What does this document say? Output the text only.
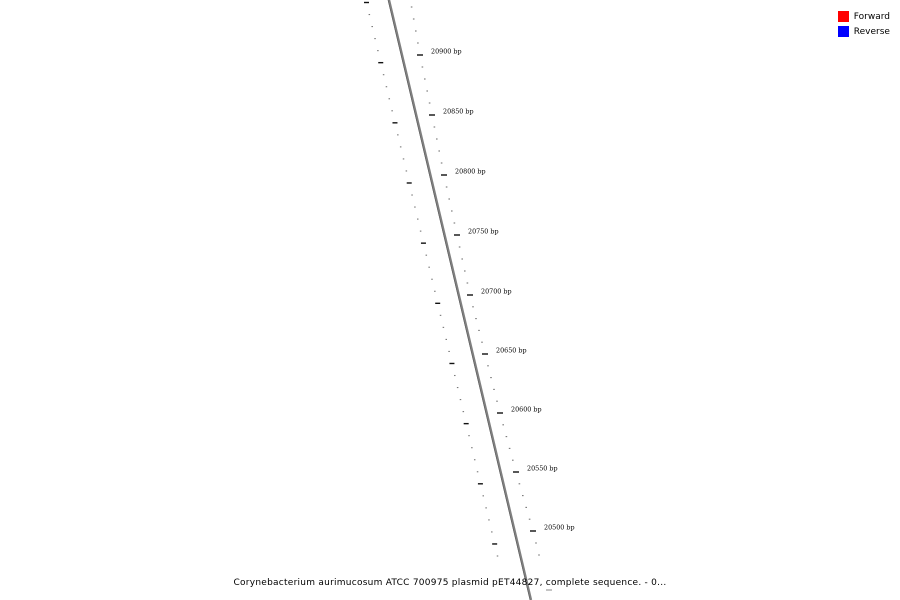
20900 bp
20850 bp
20800 bp
20750 bp
20700 bp
20650 bp
20600 bp
20550 bp
20500 bp
Forward
Reverse
Corynebacterium aurimucosum ATCC 700975 plasmid pET44827, complete sequence. - 0...
